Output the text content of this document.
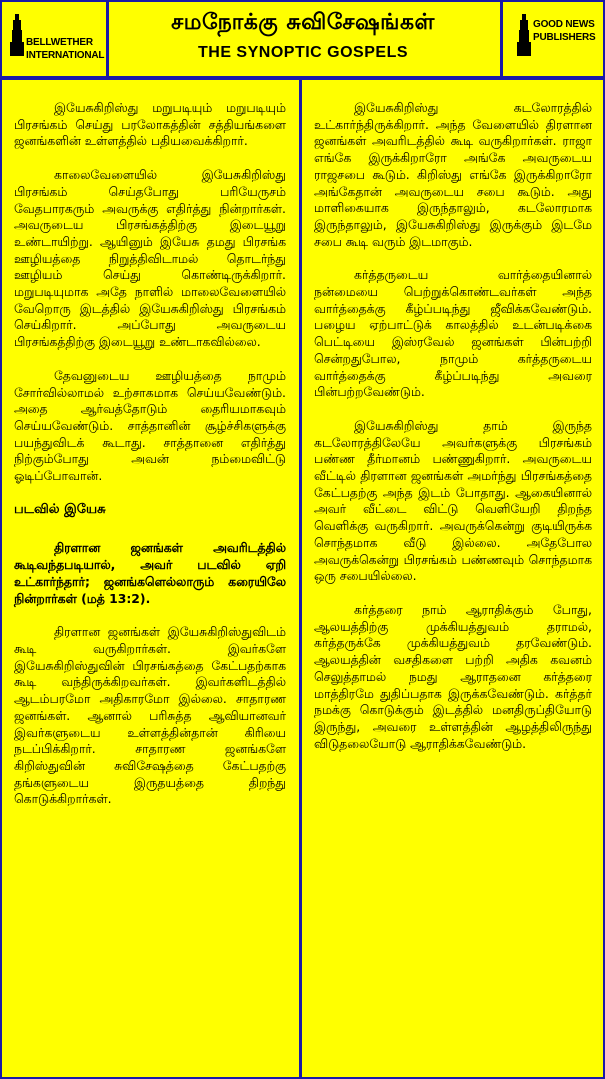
BELLWETHER
INTERNATIONAL
சமநோக்கு சுவிசேஷங்கள்
THE SYNOPTIC GOSPELS
GOOD NEWS
PUBLISHERS

இயேசுகிறிஸ்து மறுபடியும் மறுபடியும் பிரசங்கம் செய்து பரலோகத்தின் சத்தியங்களை ஜனங்களின் உள்ளத்தில் பதியவைக்கிறார்.

காலைவேளையில் இயேசுகிறிஸ்து பிரசங்கம் செய்தபோது பரியேருசம் வேதபாரகரும் அவருக்கு எதிர்த்து நின்றார்கள். அவருடைய பிரசங்கத்திற்கு இடையூறு உண்டாயிற்று. ஆயினும் இயேசு தமது பிரசங்க ஊழியத்தை நிறுத்திவிடாமல் தொடர்ந்து ஊழியம் செய்து கொண்டிருக்கிறார். மறுபடியுமாக அதே நாளில் மாலைவேளையில் வேறொரு இடத்தில் இயேசுகிறிஸ்து பிரசங்கம் செய்கிறார். அப்போது அவருடைய பிரசங்கத்திற்கு இடையூறு உண்டாகவில்லை.

தேவனுடைய ஊழியத்தை நாமும் சோர்வில்லாமல் உற்சாகமாக செய்யவேண்டும். அதை ஆர்வத்தோடும் தைரியமாகவும் செய்யவேண்டும். சாத்தானின் சூழ்ச்சிகளுக்கு பயந்துவிடக் கூடாது. சாத்தானை எதிர்த்து நிற்கும்போது அவன் நம்மைவிட்டு ஓடிப்போவான்.

படவில் இயேசு

திரளான ஜனங்கள் அவரிடத்தில் கூடிவந்தபடியால், அவர் படவில் ஏறி உட்கார்ந்தார்; ஜனங்களெல்லாரும் கரையிலே நின்றார்கள் (மத் 13:2).

திரளான ஜனங்கள் இயேசுகிறிஸ்துவிடம் கூடி வருகிறார்கள். இவர்களே இயேசுகிறிஸ்துவின் பிரசங்கத்தை கேட்பதற்காக கூடி வந்திருக்கிறவர்கள். இவர்களிடத்தில் ஆடம்பரமோ அதிகாரமோ இல்லை. சாதாரண ஜனங்கள். ஆனால் பரிசுத்த ஆவியானவர் இவர்களுடைய உள்ளத்தின்தான் கிரியை நடப்பிக்கிறார். சாதாரண ஜனங்களே கிறிஸ்துவின் சுவிசேஷத்தை கேட்பதற்கு தங்களுடைய இருதயத்தை திறந்து கொடுக்கிறார்கள்.

இயேசுகிறிஸ்து கடலோரத்தில் உட்கார்ந்திருக்கிறார். அந்த வேளையில் திரளான ஜனங்கள் அவரிடத்தில் கூடி வருகிறார்கள். ராஜா எங்கே இருக்கிறாரோ அங்கே அவருடைய ராஜசபை கூடும். கிறிஸ்து எங்கே இருக்கிறாரோ அங்கேதான் அவருடைய சபை கூடும். அது மாளிகையாக இருந்தாலும், கடலோரமாக இருந்தாலும், இயேசுகிறிஸ்து இருக்கும் இடமே சபை கூடி வரும் இடமாகும்.

கர்த்தருடைய வார்த்தையினால் நன்மையை பெற்றுக்கொண்டவர்கள் அந்த வார்த்தைக்கு கீழ்ப்படிந்து ஜீவிக்கவேண்டும். பழைய ஏற்பாட்டுக் காலத்தில் உடன்படிக்கை பெட்டியை இஸ்ரவேல் ஜனங்கள் பின்பற்றி சென்றதுபோல, நாமும் கர்த்தருடைய வார்த்தைக்கு கீழ்ப்படிந்து அவரை பின்பற்றவேண்டும்.

இயேசுகிறிஸ்து தாம் இருந்த கடலோரத்திலேயே அவர்களுக்கு பிரசங்கம் பண்ண தீர்மானம் பண்ணுகிறார். அவருடைய வீட்டில் திரளான ஜனங்கள் அமர்ந்து பிரசங்கத்தை கேட்பதற்கு அந்த இடம் போதாது. ஆகையினால் அவர் வீட்டை விட்டு வெளியேறி திறந்த வெளிக்கு வருகிறார். அவருக்கென்று குடியிருக்க சொந்தமாக வீடு இல்லை. அதேபோல அவருக்கென்று பிரசங்கம் பண்ணவும் சொந்தமாக ஒரு சபையில்லை.

கர்த்தரை நாம் ஆராதிக்கும் போது, ஆலயத்திற்கு முக்கியத்துவம் தராமல், கர்த்தருக்கே முக்கியத்துவம் தரவேண்டும். ஆலயத்தின் வசதிகளை பற்றி அதிக கவனம் செலுத்தாமல் நமது ஆராதனை கர்த்தரை மாத்திரமே துதிப்பதாக இருக்கவேண்டும். கர்த்தர் நமக்கு கொடுக்கும் இடத்தில் மனதிருப்தியோடு இருந்து, அவரை உள்ளத்தின் ஆழத்திலிருந்து விடுதலையோடு ஆராதிக்கவேண்டும்.
